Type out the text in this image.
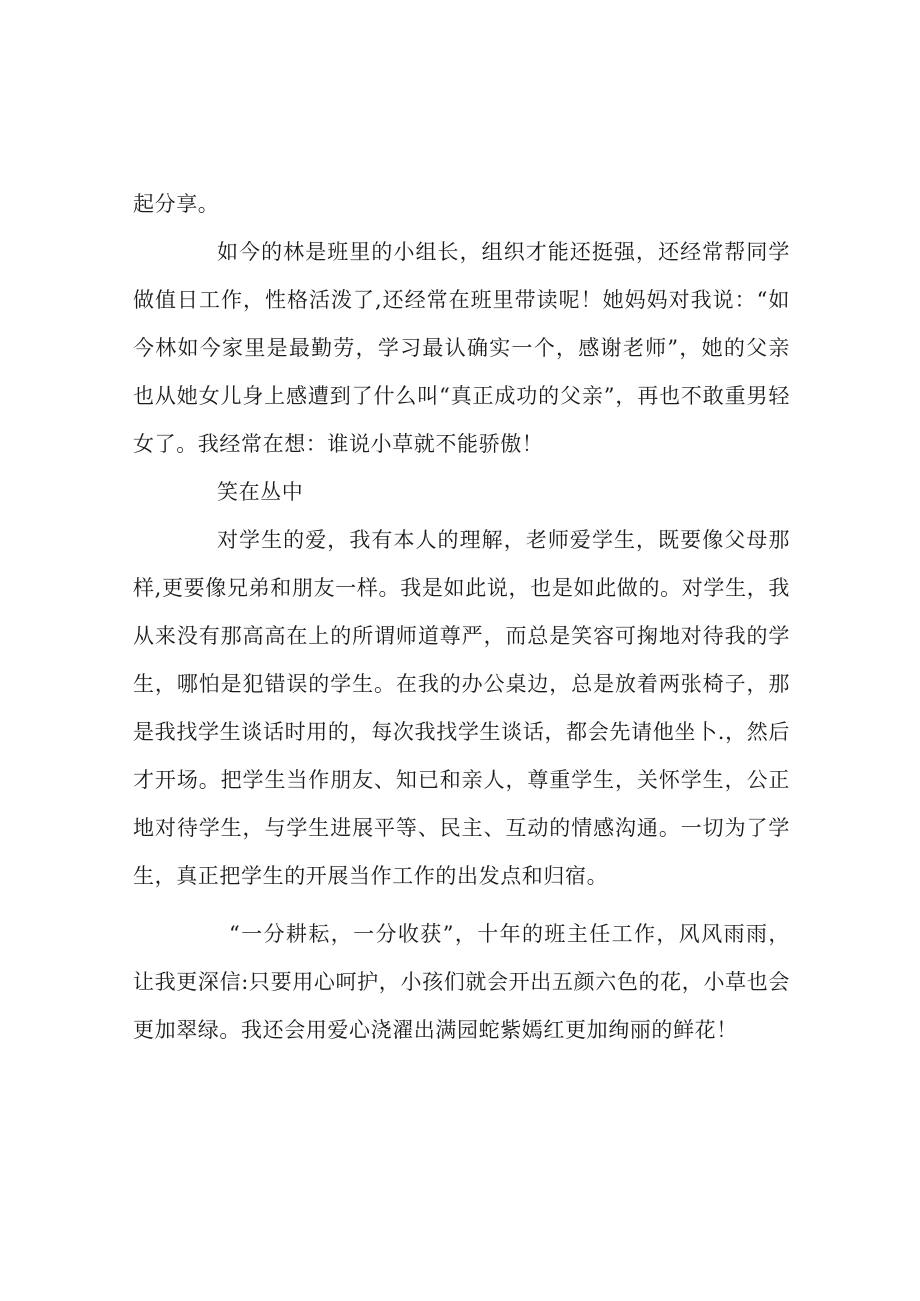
起分享。

如今的林是班里的小组长，组织才能还挺强，还经常帮同学做值日工作，性格活泼了,还经常在班里带读呢！她妈妈对我说：“如今林如今家里是最勤劳，学习最认确实一个，感谢老师”，她的父亲也从她女儿身上感遭到了什么叫“真正成功的父亲”，再也不敢重男轻女了。我经常在想：谁说小草就不能骄傲！

笑在丛中

对学生的爱，我有本人的理解，老师爱学生，既要像父母那样,更要像兄弟和朋友一样。我是如此说，也是如此做的。对学生，我从来没有那高高在上的所谓师道尊严，而总是笑容可掬地对待我的学生，哪怕是犯错误的学生。在我的办公桌边，总是放着两张椅子，那是我找学生谈话时用的，每次我找学生谈话，都会先请他坐卜.，然后才开场。把学生当作朋友、知已和亲人，尊重学生，关怀学生，公正地对待学生，与学生进展平等、民主、互动的情感沟通。一切为了学生，真正把学生的开展当作工作的出发点和归宿。

“一分耕耘，一分收获”，十年的班主任工作，风风雨雨，让我更深信:只要用心呵护，小孩们就会开出五颜六色的花，小草也会更加翠绿。我还会用爱心浇濯出满园蛇紫嫣红更加绚丽的鲜花！
